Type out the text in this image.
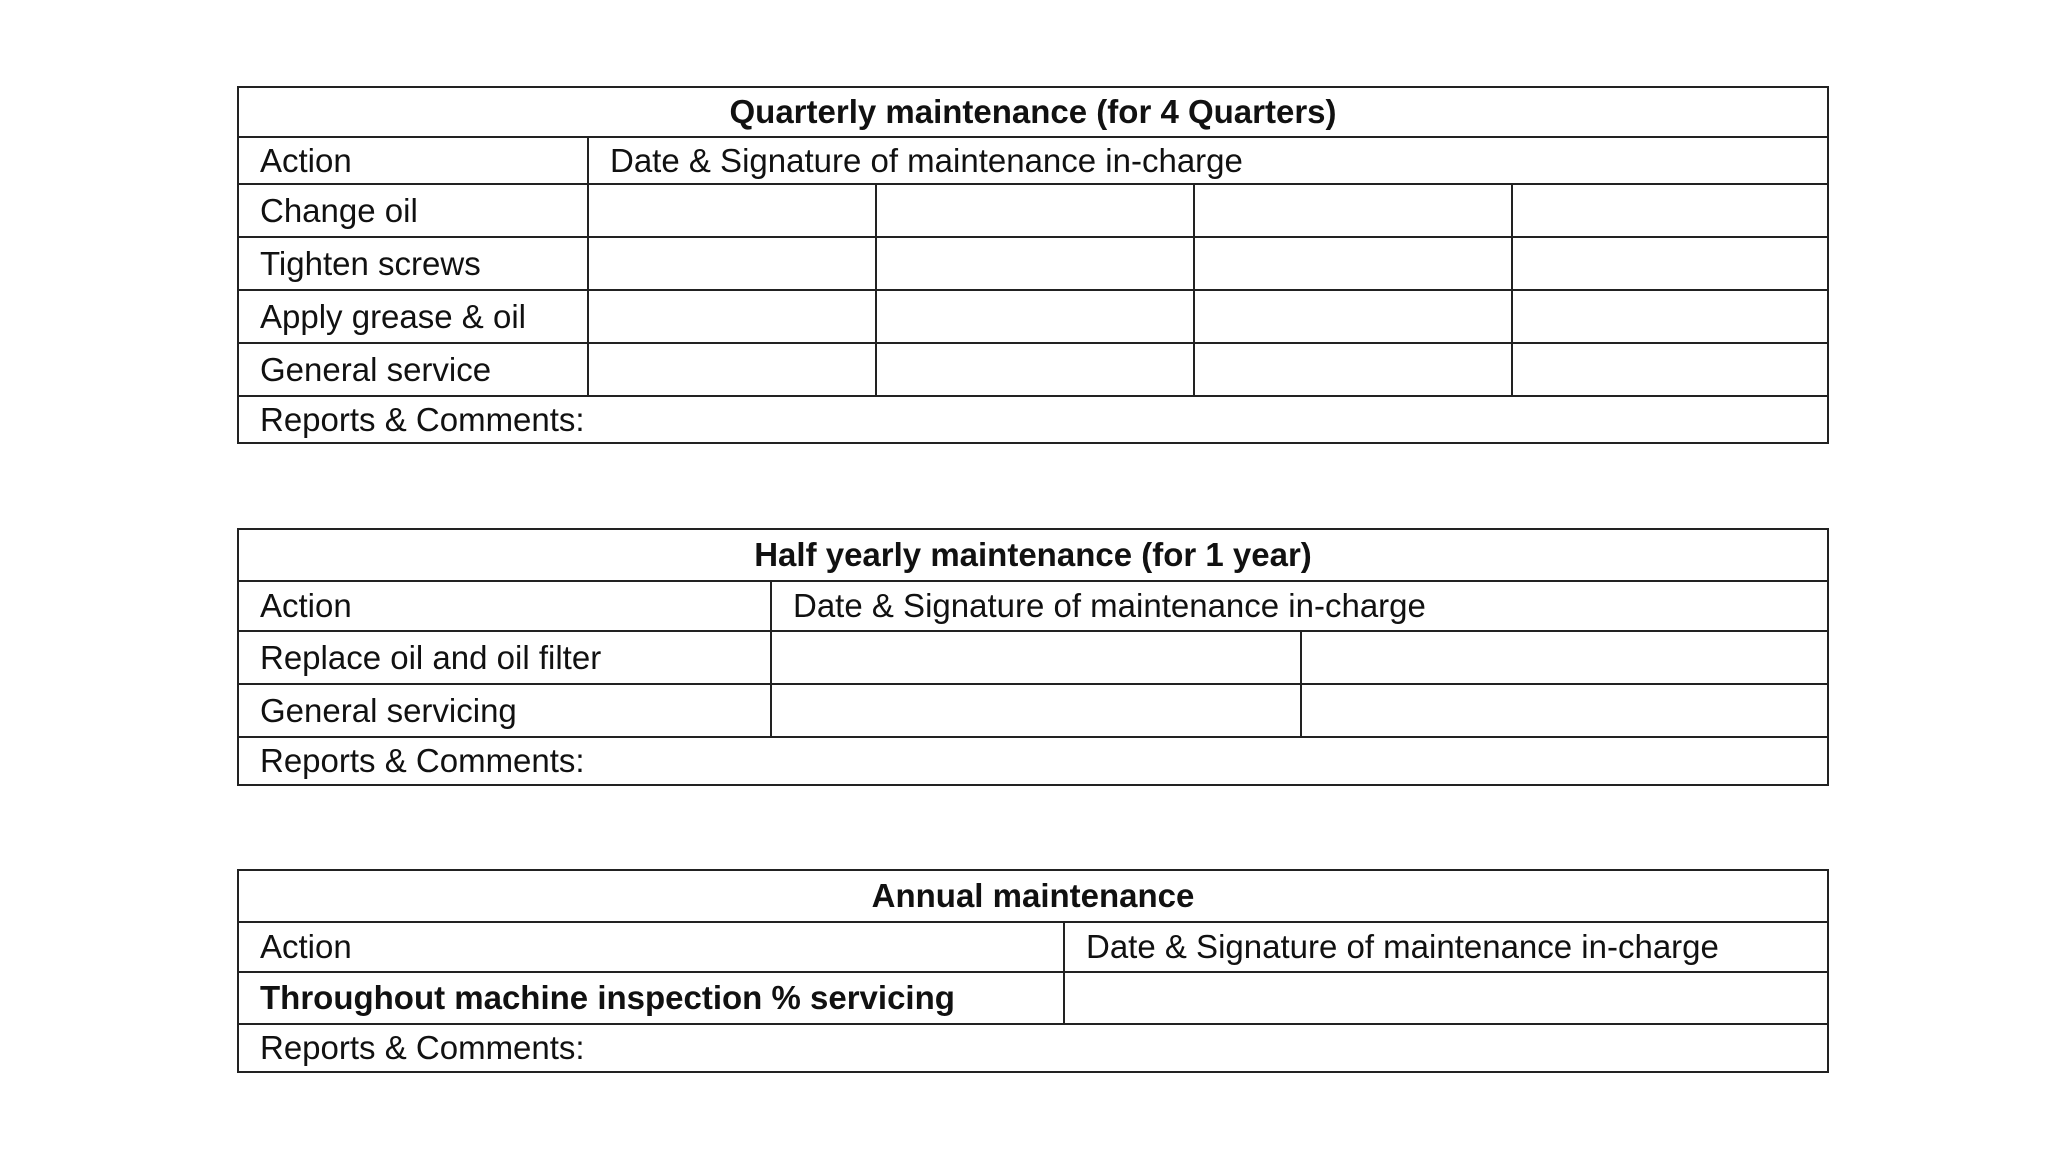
Quarterly maintenance (for 4 Quarters)				
Action	Date & Signature of maintenance in-charge			
Change oil				
Tighten screws				
Apply grease & oil				
General service				
Reports & Comments:				
Half yearly maintenance (for 1 year)		
Action	Date & Signature of maintenance in-charge	
Replace oil and oil filter		
General servicing		
Reports & Comments:		
Annual maintenance	
Action	Date & Signature of maintenance in-charge
Throughout machine inspection % servicing	
Reports & Comments:	
